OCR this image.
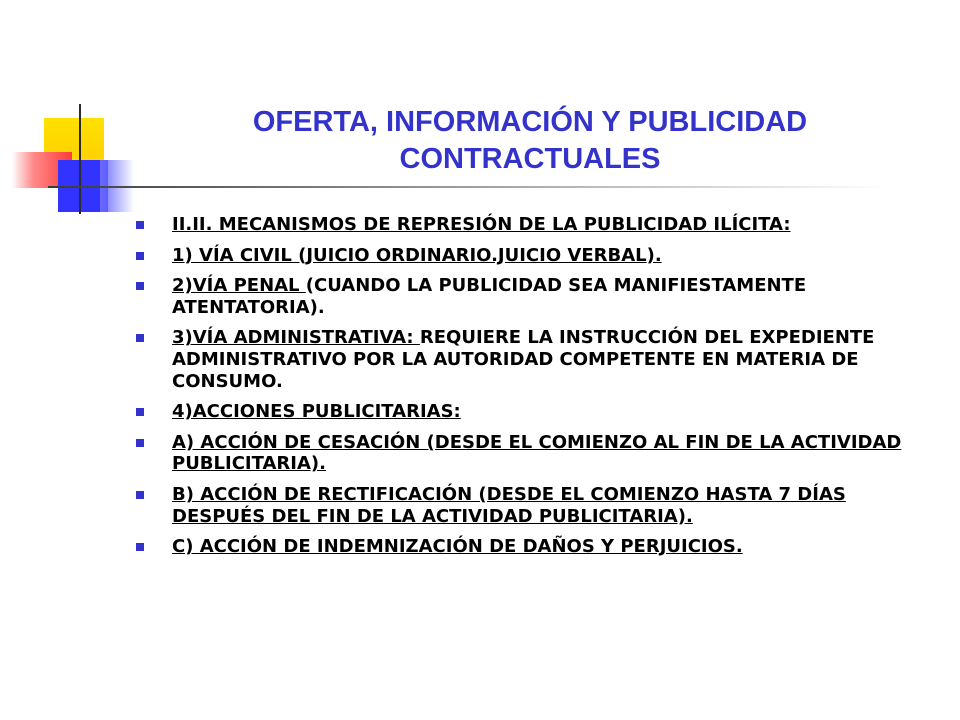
OFERTA, INFORMACIÓN Y PUBLICIDAD
CONTRACTUALES
II.II. MECANISMOS DE REPRESIÓN DE LA PUBLICIDAD ILÍCITA:
1) VÍA CIVIL (JUICIO ORDINARIO.JUICIO VERBAL).
2)VÍA PENAL (CUANDO LA PUBLICIDAD SEA MANIFIESTAMENTE ATENTATORIA).
3)VÍA ADMINISTRATIVA: REQUIERE LA INSTRUCCIÓN DEL EXPEDIENTE ADMINISTRATIVO POR LA AUTORIDAD COMPETENTE EN MATERIA DE CONSUMO.
4)ACCIONES PUBLICITARIAS:
A) ACCIÓN DE CESACIÓN (DESDE EL COMIENZO AL FIN DE LA ACTIVIDAD PUBLICITARIA).
B) ACCIÓN DE RECTIFICACIÓN (DESDE EL COMIENZO HASTA 7 DÍAS DESPUÉS DEL FIN DE LA ACTIVIDAD PUBLICITARIA).
C) ACCIÓN DE INDEMNIZACIÓN DE DAÑOS Y PERJUICIOS.
